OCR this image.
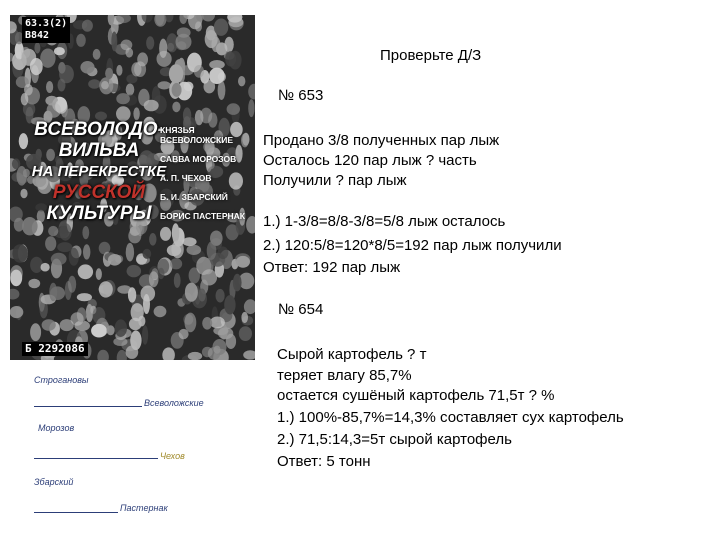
63.3(2)
В842
ВСЕВОЛОДО-
ВИЛЬВА
НА ПЕРЕКРЕСТКЕ
РУССКОЙ
КУЛЬТУРЫ
КНЯЗЬЯ ВСЕВОЛОЖСКИЕ
САВВА МОРОЗОВ
А. П. ЧЕХОВ
Б. И. ЗБАРСКИЙ
БОРИС ПАСТЕРНАК
Б 2292086
Строгановы
Всеволожские
Морозов
Чехов
Збарский
Пастернак
Проверьте Д/З
№ 653
Продано 3/8 полученных пар лыж
Осталось 120 пар лыж ? часть
Получили ? пар лыж
1.) 1-3/8=8/8-3/8=5/8 лыж осталось
2.) 120:5/8=120*8/5=192 пар лыж получили
Ответ: 192 пар лыж
№ 654
Сырой картофель ? т
теряет влагу 85,7%
остается сушёный картофель 71,5т ? %
1.) 100%-85,7%=14,3% составляет сух картофель
2.) 71,5:14,3=5т сырой картофель
Ответ: 5 тонн
